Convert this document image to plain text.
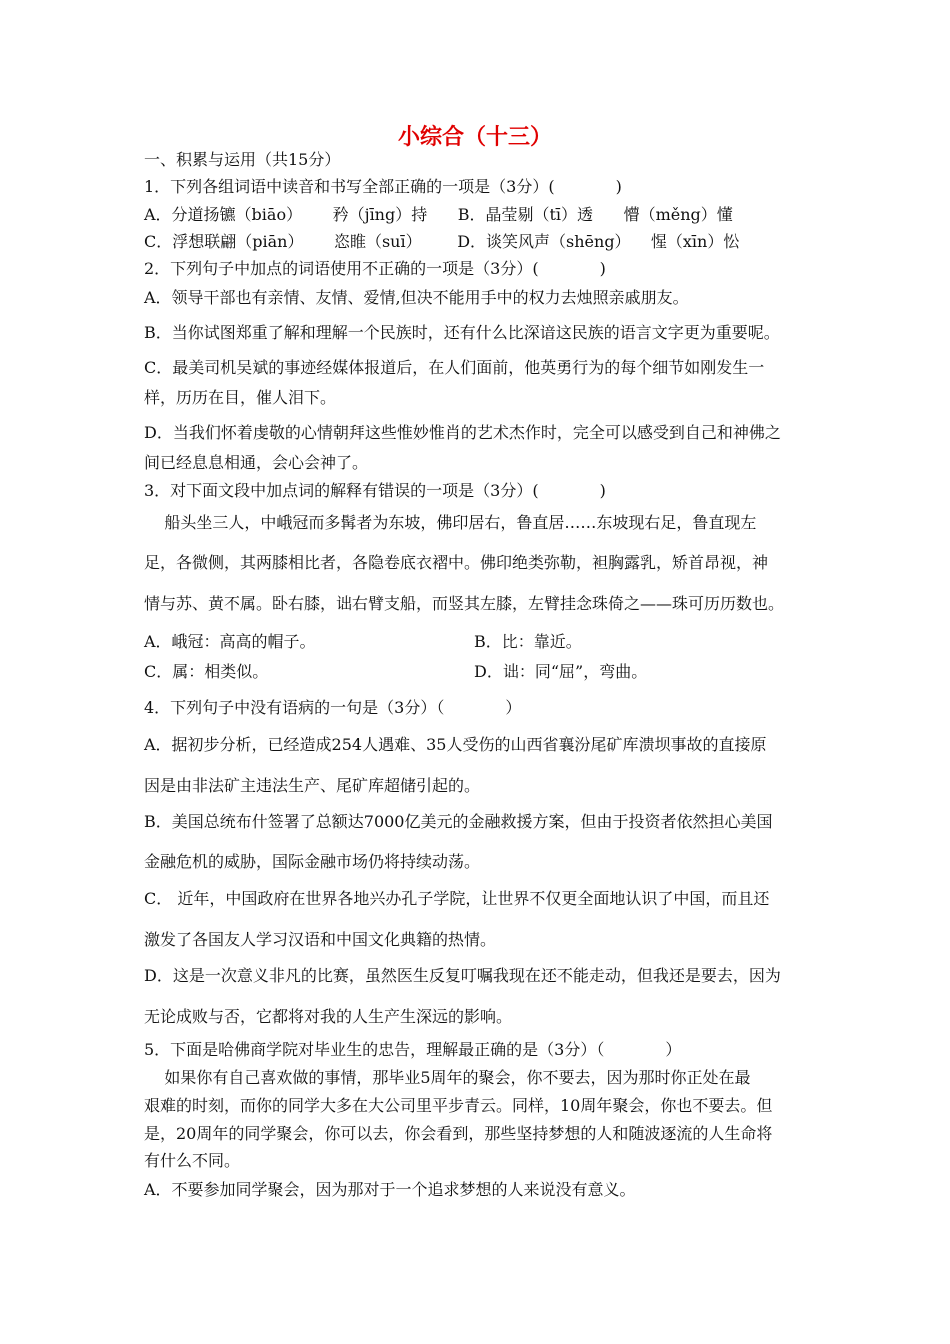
小综合（十三）
一、积累与运用（共15分）
1．下列各组词语中读音和书写全部正确的一项是（3分）(            )
A．分道扬镳（biāo）      矜（jīng）持      B．晶莹剔（tī）透      懵（měng）懂
C．浮想联翩（piān）      恣睢（suī）       D．谈笑风声（shēng）    惺（xīn）忪
2．下列句子中加点的词语使用不正确的一项是（3分）(            )
A．领导干部也有亲情、友情、爱情,但决不能用手中的权力去烛照亲戚朋友。
B．当你试图郑重了解和理解一个民族时，还有什么比深谙这民族的语言文字更为重要呢。
C．最美司机吴斌的事迹经媒体报道后，在人们面前，他英勇行为的每个细节如刚发生一
样，历历在目，催人泪下。
D．当我们怀着虔敬的心情朝拜这些惟妙惟肖的艺术杰作时，完全可以感受到自己和神佛之
间已经息息相通，会心会神了。
3．对下面文段中加点词的解释有错误的一项是（3分）(            )
船头坐三人，中峨冠而多髯者为东坡，佛印居右，鲁直居……东坡现右足，鲁直现左
足，各微侧，其两膝相比者，各隐卷底衣褶中。佛印绝类弥勒，袒胸露乳，矫首昂视，神
情与苏、黄不属。卧右膝，诎右臂支船，而竖其左膝，左臂挂念珠倚之——珠可历历数也。
A．峨冠：高高的帽子。	B．比：靠近。
C．属：相类似。	D．诎：同“屈”，弯曲。
4．下列句子中没有语病的一句是（3分）（            ）
A．据初步分析，已经造成254人遇难、35人受伤的山西省襄汾尾矿库溃坝事故的直接原
因是由非法矿主违法生产、尾矿库超储引起的。
B．美国总统布什签署了总额达7000亿美元的金融救援方案，但由于投资者依然担心美国
金融危机的威胁，国际金融市场仍将持续动荡。
C． 近年，中国政府在世界各地兴办孔子学院，让世界不仅更全面地认识了中国，而且还
激发了各国友人学习汉语和中国文化典籍的热情。
D．这是一次意义非凡的比赛，虽然医生反复叮嘱我现在还不能走动，但我还是要去，因为
无论成败与否，它都将对我的人生产生深远的影响。
5．下面是哈佛商学院对毕业生的忠告，理解最正确的是（3分）（            ）
如果你有自己喜欢做的事情，那毕业5周年的聚会，你不要去，因为那时你正处在最
艰难的时刻，而你的同学大多在大公司里平步青云。同样，10周年聚会，你也不要去。但
是，20周年的同学聚会，你可以去，你会看到，那些坚持梦想的人和随波逐流的人生命将
有什么不同。
A．不要参加同学聚会，因为那对于一个追求梦想的人来说没有意义。
